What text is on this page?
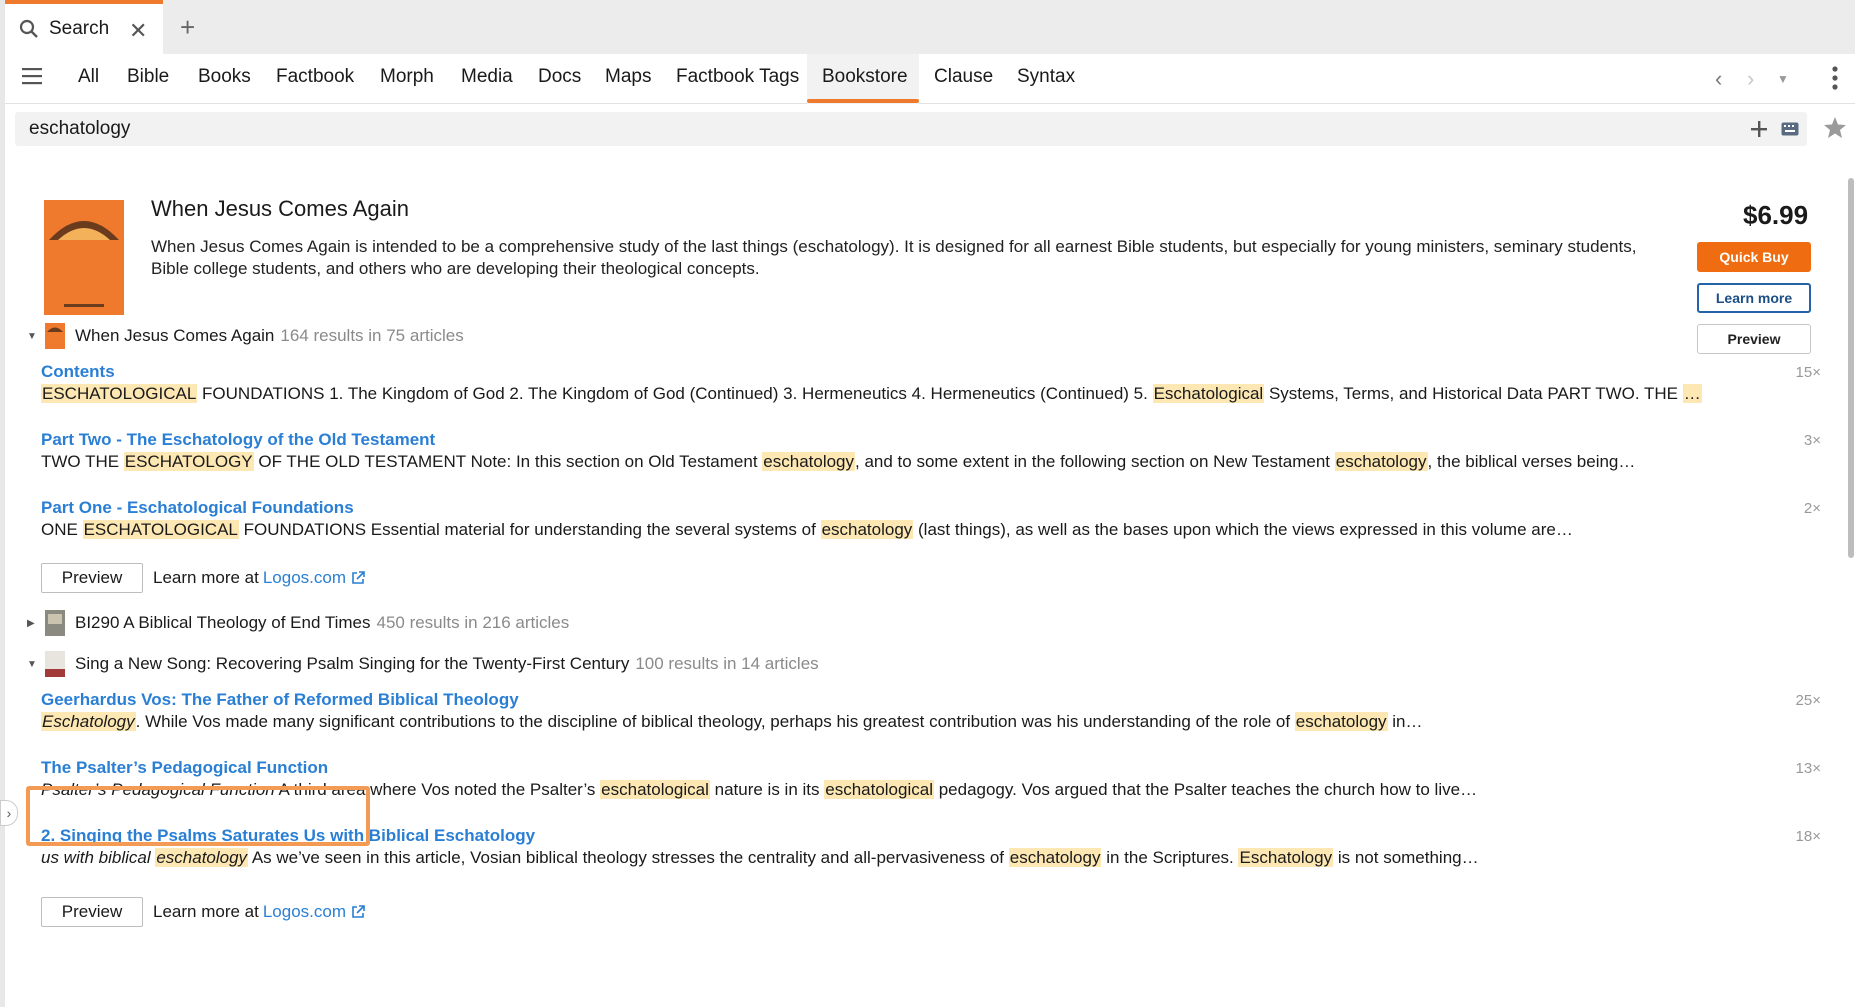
Search ✕ +
All Bible Books Factbook Morph Media Docs Maps Factbook Tags Bookstore Clause Syntax	‹ › ▼
eschatology
When Jesus Comes Again
When Jesus Comes Again is intended to be a comprehensive study of the last things (eschatology). It is designed for all earnest Bible students, but especially for young ministers, seminary students, Bible college students, and others who are developing their theological concepts.
$6.99
Quick Buy
Learn more
Preview
▼ When Jesus Comes Again 164 results in 75 articles
Contents
ESCHATOLOGICAL FOUNDATIONS 1. The Kingdom of God 2. The Kingdom of God (Continued) 3. Hermeneutics 4. Hermeneutics (Continued) 5. Eschatological Systems, Terms, and Historical Data PART TWO. THE …
15×
Part Two - The Eschatology of the Old Testament
TWO THE ESCHATOLOGY OF THE OLD TESTAMENT Note: In this section on Old Testament eschatology, and to some extent in the following section on New Testament eschatology, the biblical verses being…
3×
Part One - Eschatological Foundations
ONE ESCHATOLOGICAL FOUNDATIONS Essential material for understanding the several systems of eschatology (last things), as well as the bases upon which the views expressed in this volume are…
2×
Preview	Learn more at Logos.com
▶ BI290 A Biblical Theology of End Times 450 results in 216 articles
▼ Sing a New Song: Recovering Psalm Singing for the Twenty-First Century 100 results in 14 articles
Geerhardus Vos: The Father of Reformed Biblical Theology
Eschatology. While Vos made many significant contributions to the discipline of biblical theology, perhaps his greatest contribution was his understanding of the role of eschatology in…
25×
The Psalter’s Pedagogical Function
Psalter’s Pedagogical Function A third area where Vos noted the Psalter’s eschatological nature is in its eschatological pedagogy. Vos argued that the Psalter teaches the church how to live…
13×
2. Singing the Psalms Saturates Us with Biblical Eschatology
us with biblical eschatology As we’ve seen in this article, Vosian biblical theology stresses the centrality and all-pervasiveness of eschatology in the Scriptures. Eschatology is not something…
18×
Preview	Learn more at Logos.com
›
